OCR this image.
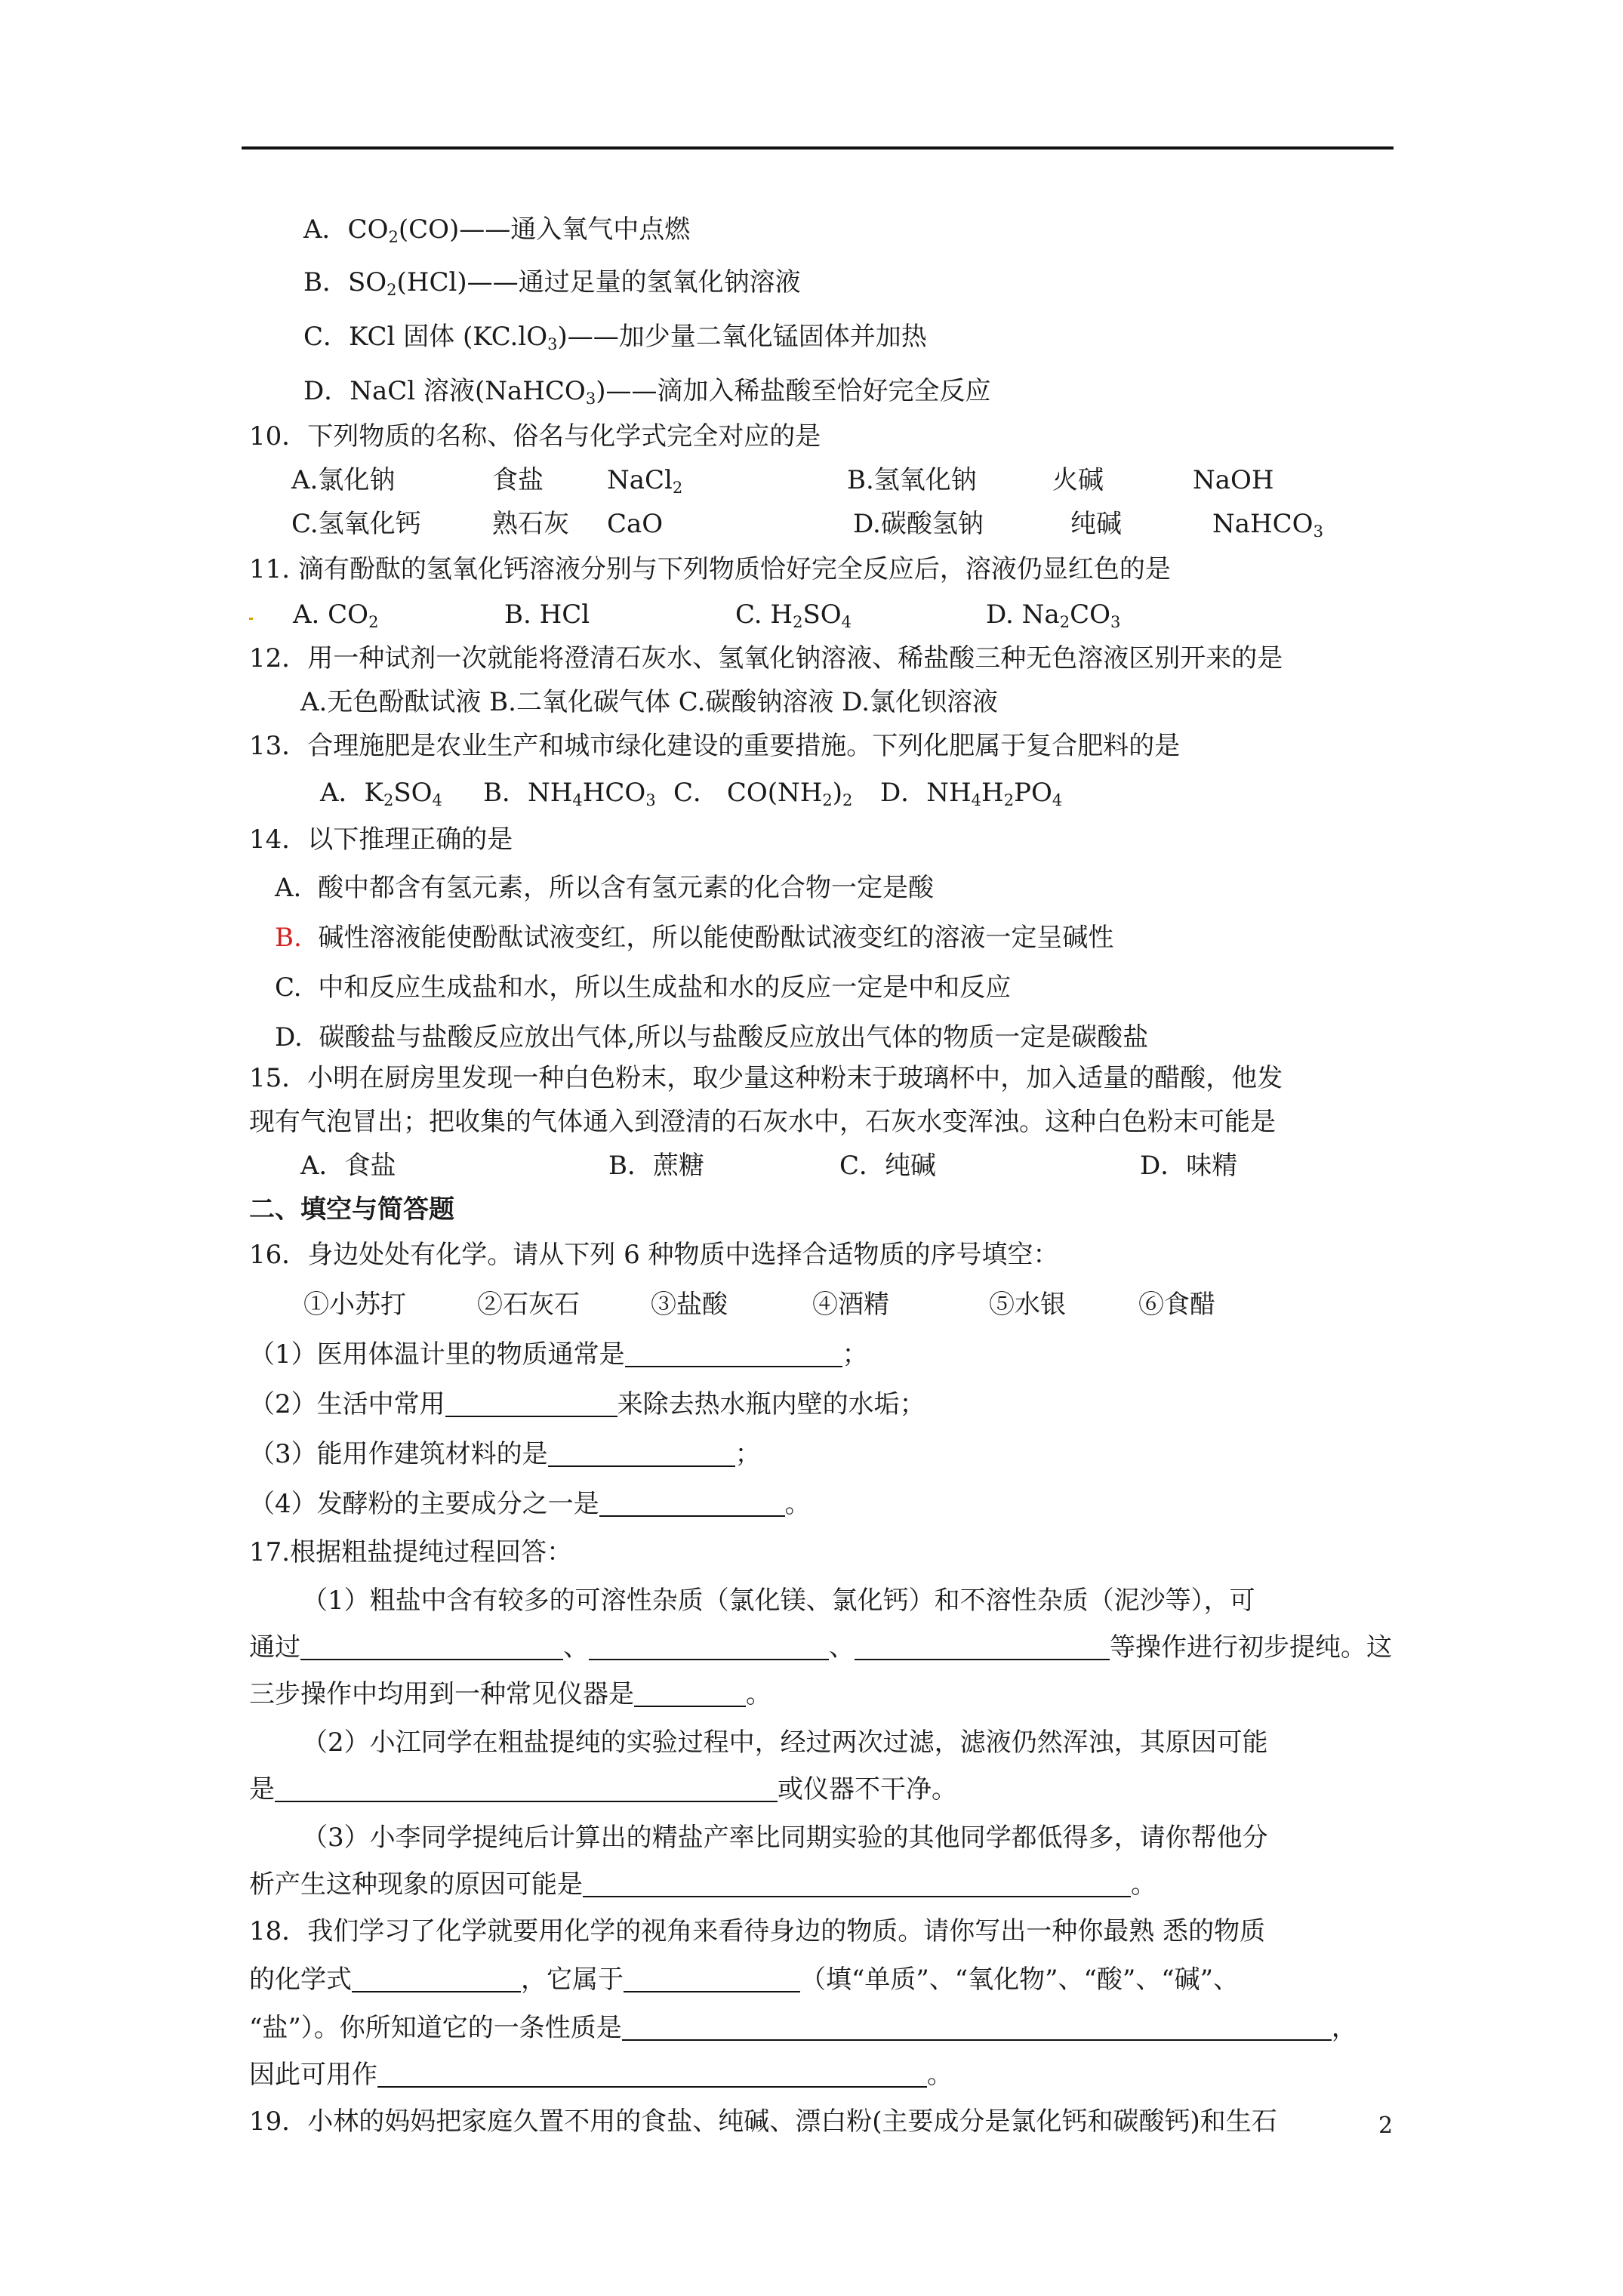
A．$CO_2(CO)——$通入氧气中点燃
B．$SO_2(HCl)——$通过足量的氢氧化钠溶液
C．KCl 固体 $(KC.lO_3)——$加少量二氧化锰固体并加热
D．NaCl 溶液(NaHCO$_3$)——滴加入稀盐酸至恰好完全反应
10．下列物质的名称、俗名与化学式完全对应的是
A.氯化钠	食盐 NaCl$_2$	B.氢氧化钠	火碱	NaOH
C.氢氧化钙	熟石灰 CaO	D.碳酸氢钠	纯碱	NaHCO$_3$
11. 滴有酚酞的氢氧化钙溶液分别与下列物质恰好完全反应后，溶液仍显红色的是
A. $CO_2$	B. HCl	C. $H_2SO_4$	D. $Na_2CO_3$
12．用一种试剂一次就能将澄清石灰水、氢氧化钠溶液、稀盐酸三种无色溶液区别开来的是
A.无色酚酞试液 B.二氧化碳气体 C.碳酸钠溶液 D.氯化钡溶液
13．合理施肥是农业生产和城市绿化建设的重要措施。下列化肥属于复合肥料的是
A．$K_2SO_4$ B．$NH_4HCO_3$ C． $CO(NH_2)_2$ D．$NH_4H_2PO_4$
14．以下推理正确的是
A. 酸中都含有氢元素，所以含有氢元素的化合物一定是酸
B. 碱性溶液能使酚酞试液变红，所以能使酚酞试液变红的溶液一定呈碱性
C. 中和反应生成盐和水，所以生成盐和水的反应一定是中和反应
D. 碳酸盐与盐酸反应放出气体,所以与盐酸反应放出气体的物质一定是碳酸盐
15．小明在厨房里发现一种白色粉末，取少量这种粉末于玻璃杯中，加入适量的醋酸，他发
现有气泡冒出；把收集的气体通入到澄清的石灰水中，石灰水变浑浊。这种白色粉末可能是
A．食盐	B．蔗糖	C．纯碱	D．味精
二、填空与简答题
16．身边处处有化学。请从下列 6 种物质中选择合适物质的序号填空：
①小苏打	②石灰石	③盐酸	④酒精	⑤水银	⑥食醋
（1）医用体温计里的物质通常是	；
（2）生活中常用	来除去热水瓶内壁的水垢；
（3）能用作建筑材料的是	；
（4）发酵粉的主要成分之一是	。
17.根据粗盐提纯过程回答：
（1）粗盐中含有较多的可溶性杂质（氯化镁、氯化钙）和不溶性杂质（泥沙等），可
通过	、	、	等操作进行初步提纯。这
三步操作中均用到一种常见仪器是	。
（2）小江同学在粗盐提纯的实验过程中，经过两次过滤，滤液仍然浑浊，其原因可能
是	或仪器不干净。
（3）小李同学提纯后计算出的精盐产率比同期实验的其他同学都低得多，请你帮他分
析产生这种现象的原因可能是	。
18．我们学习了化学就要用化学的视角来看待身边的物质。请你写出一种你最熟 悉的物质
的化学式	，它属于	（填“单质”、“氧化物”、“酸”、“碱”、
“盐”）。你所知道它的一条性质是	，
因此可用作	。
19．小林的妈妈把家庭久置不用的食盐、纯碱、漂白粉(主要成分是氯化钙和碳酸钙)和生石	2
